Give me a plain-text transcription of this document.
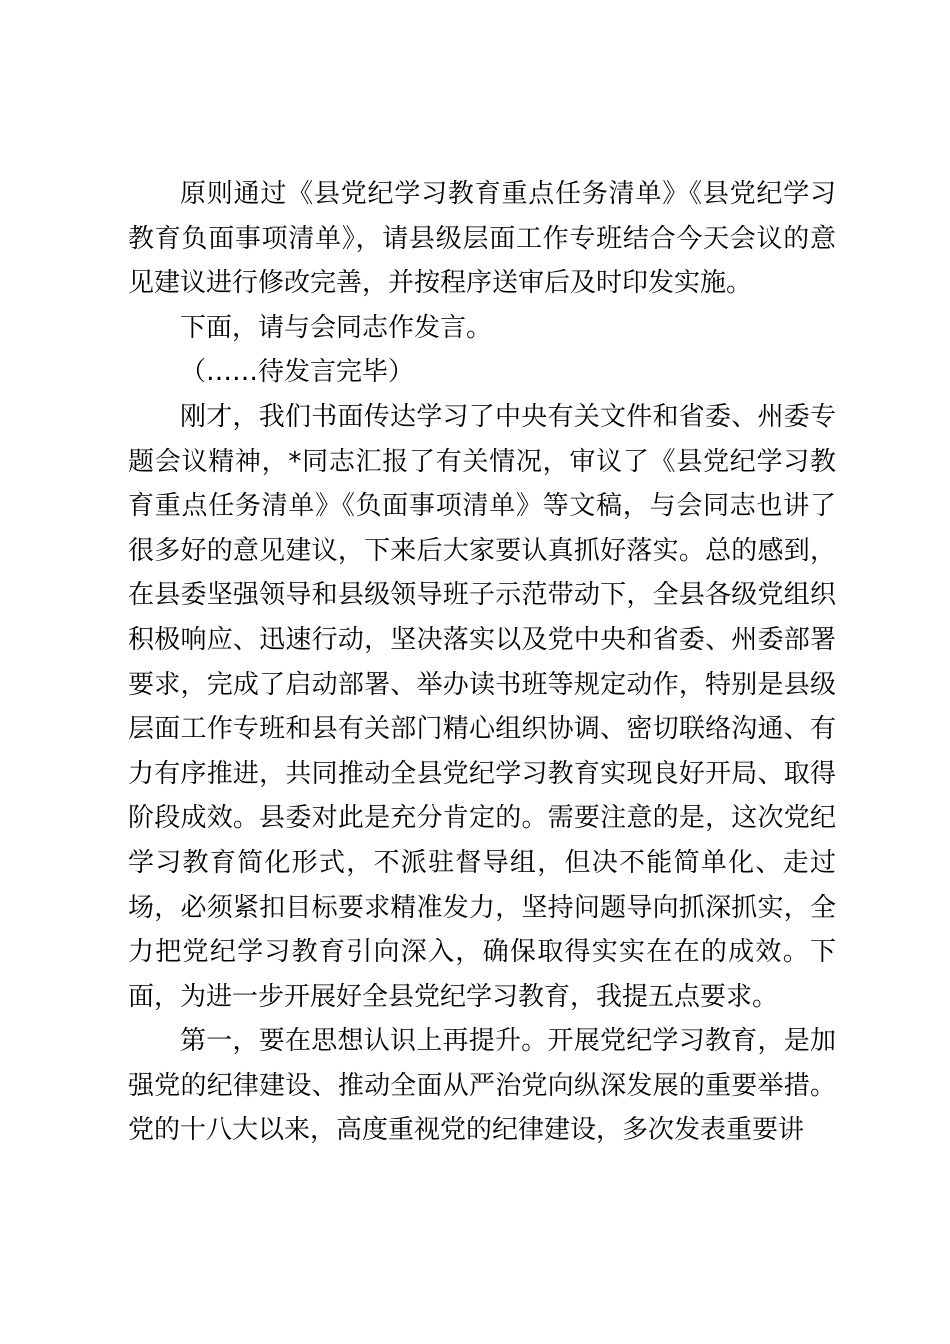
原则通过《县党纪学习教育重点任务清单》《县党纪学习教育负面事项清单》，请县级层面工作专班结合今天会议的意见建议进行修改完善，并按程序送审后及时印发实施。

下面，请与会同志作发言。

（……待发言完毕）

刚才，我们书面传达学习了中央有关文件和省委、州委专题会议精神，*同志汇报了有关情况，审议了《县党纪学习教育重点任务清单》《负面事项清单》等文稿，与会同志也讲了很多好的意见建议，下来后大家要认真抓好落实。总的感到，在县委坚强领导和县级领导班子示范带动下，全县各级党组织积极响应、迅速行动，坚决落实以及党中央和省委、州委部署要求，完成了启动部署、举办读书班等规定动作，特别是县级层面工作专班和县有关部门精心组织协调、密切联络沟通、有力有序推进，共同推动全县党纪学习教育实现良好开局、取得阶段成效。县委对此是充分肯定的。需要注意的是，这次党纪学习教育简化形式，不派驻督导组，但决不能简单化、走过场，必须紧扣目标要求精准发力，坚持问题导向抓深抓实，全力把党纪学习教育引向深入，确保取得实实在在的成效。下面，为进一步开展好全县党纪学习教育，我提五点要求。

第一，要在思想认识上再提升。开展党纪学习教育，是加强党的纪律建设、推动全面从严治党向纵深发展的重要举措。党的十八大以来，高度重视党的纪律建设，多次发表重要讲
